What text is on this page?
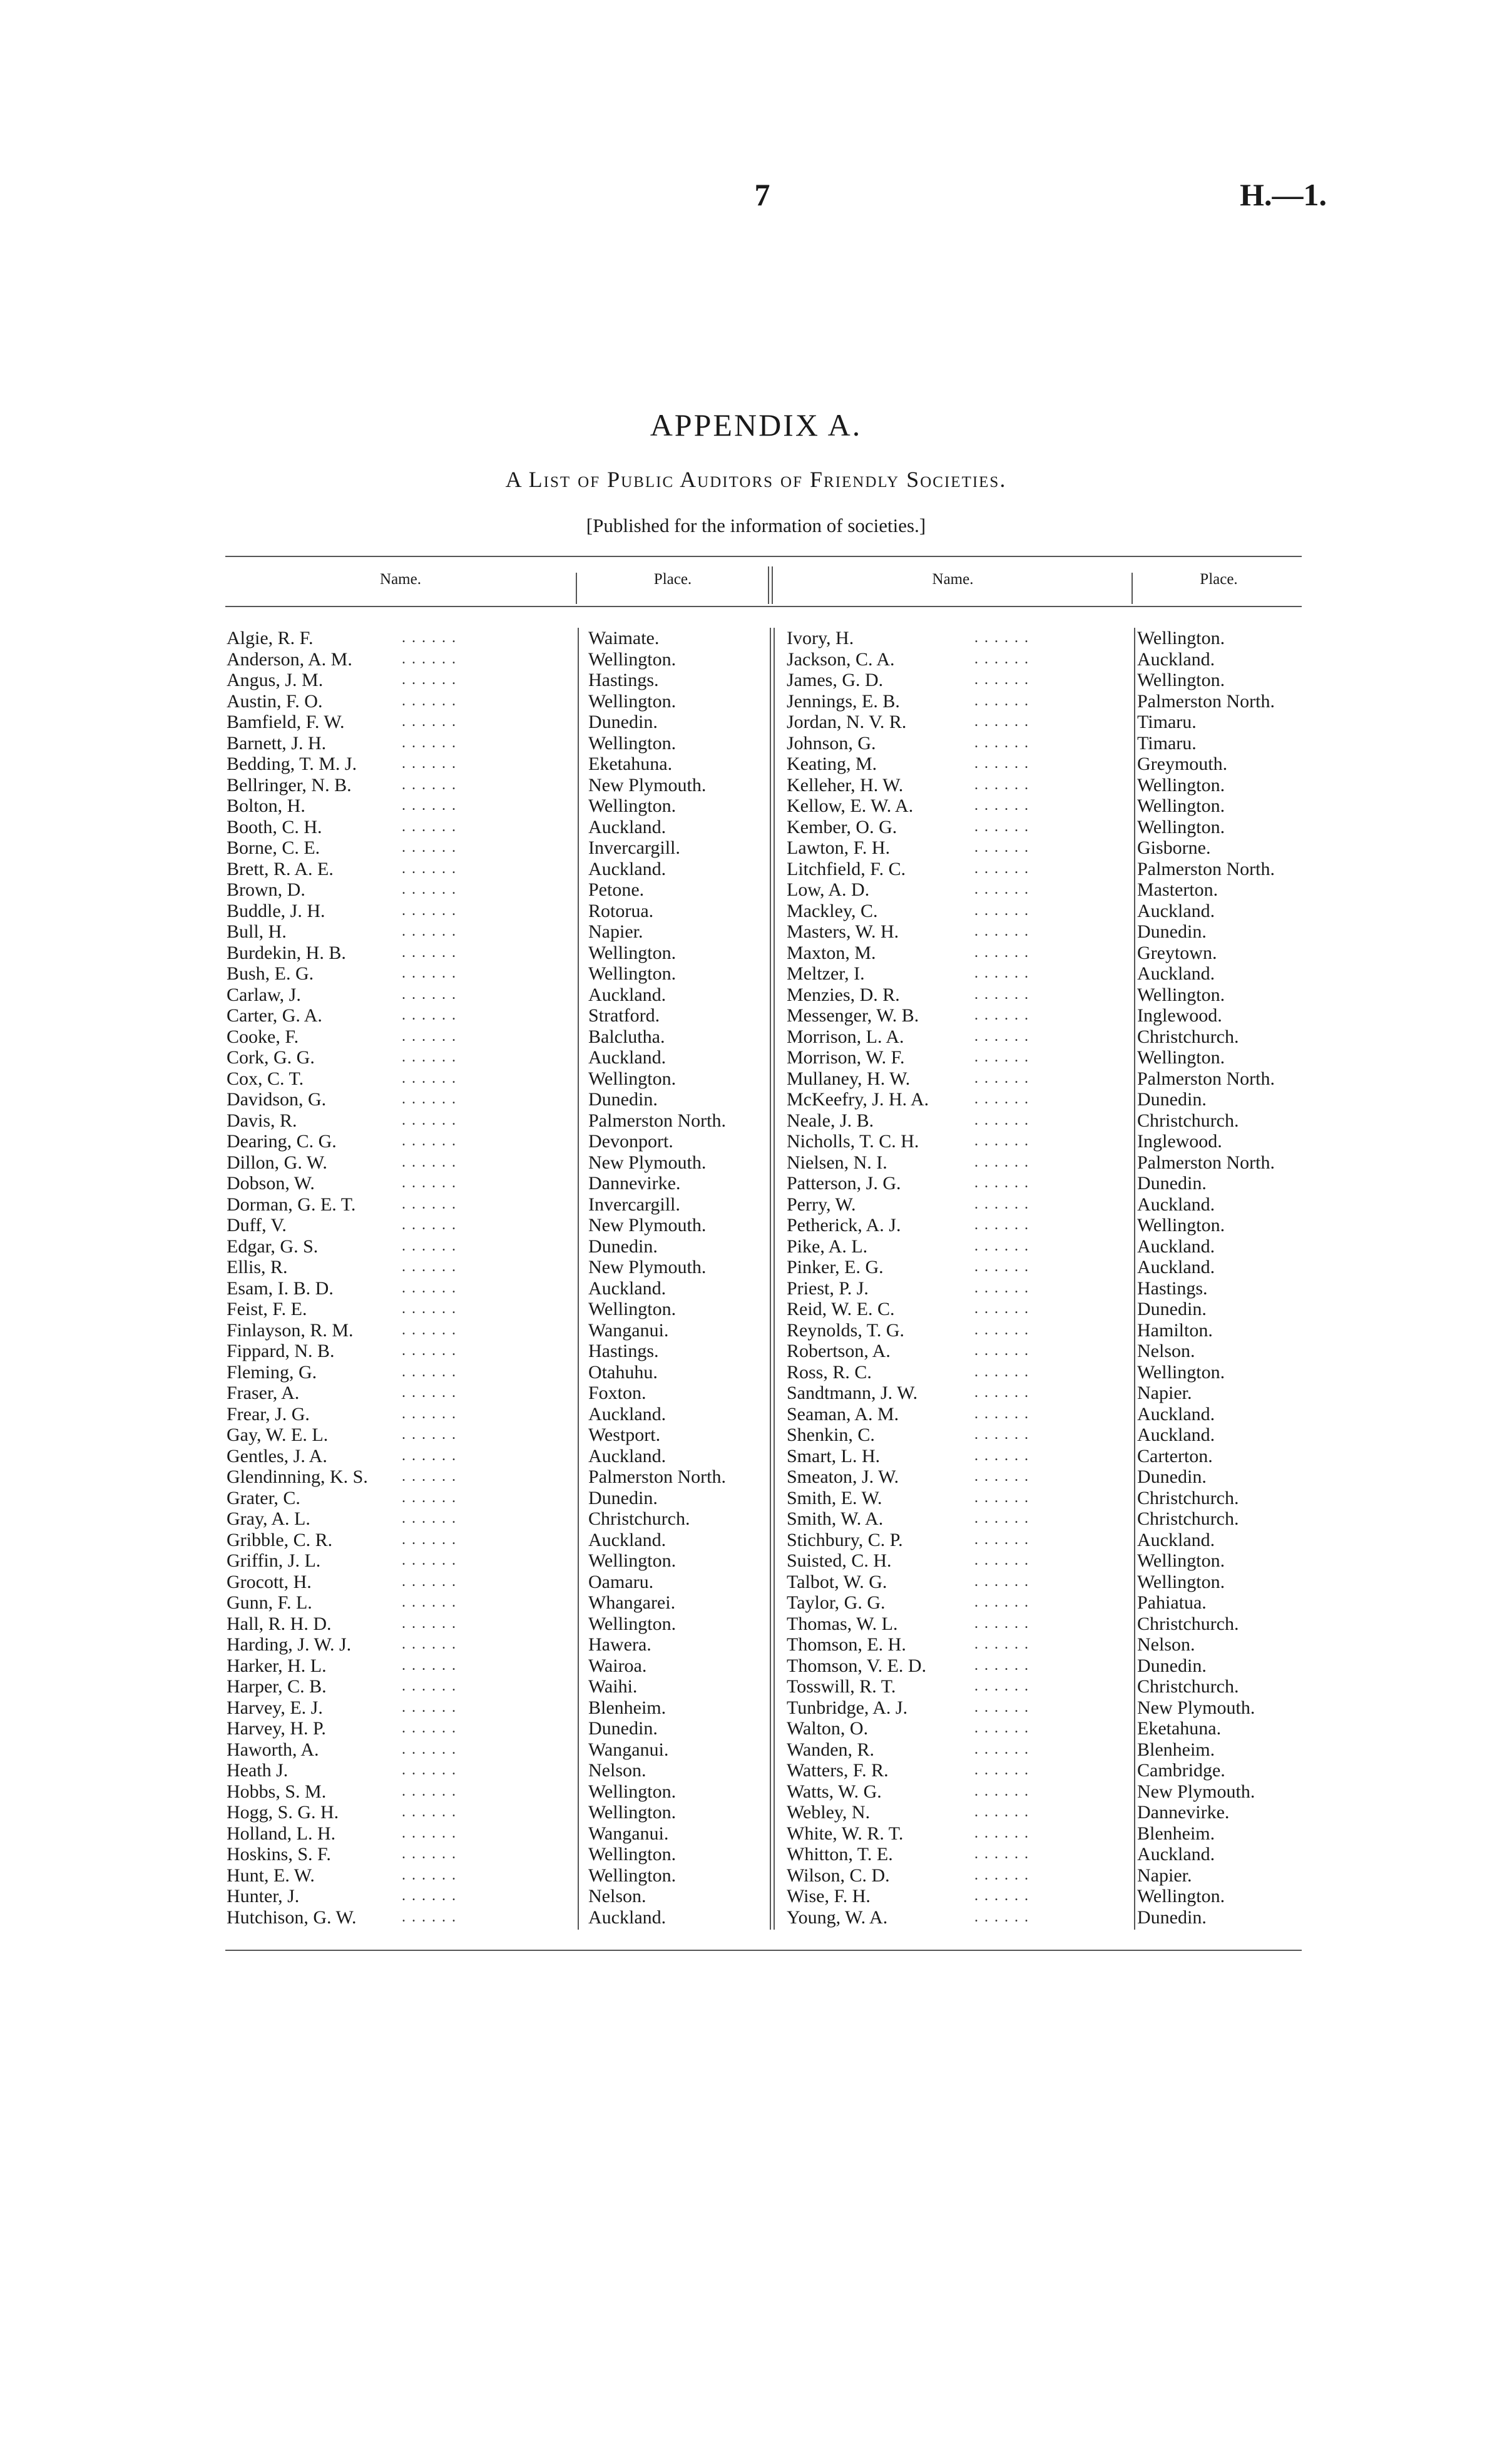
7	H.—1.
APPENDIX A.
A List of Public Auditors of Friendly Societies.
[Published for the information of societies.]
Name.	Place.	Name.	Place.
Algie, R. F.	. . . . . .	Waimate.
Anderson, A. M.	. . . . . .	Wellington.
Angus, J. M.	. . . . . .	Hastings.
Austin, F. O.	. . . . . .	Wellington.
Bamfield, F. W.	. . . . . .	Dunedin.
Barnett, J. H.	. . . . . .	Wellington.
Bedding, T. M. J.	. . . . . .	Eketahuna.
Bellringer, N. B.	. . . . . .	New Plymouth.
Bolton, H.	. . . . . .	Wellington.
Booth, C. H.	. . . . . .	Auckland.
Borne, C. E.	. . . . . .	Invercargill.
Brett, R. A. E.	. . . . . .	Auckland.
Brown, D.	. . . . . .	Petone.
Buddle, J. H.	. . . . . .	Rotorua.
Bull, H.	. . . . . .	Napier.
Burdekin, H. B.	. . . . . .	Wellington.
Bush, E. G.	. . . . . .	Wellington.
Carlaw, J.	. . . . . .	Auckland.
Carter, G. A.	. . . . . .	Stratford.
Cooke, F.	. . . . . .	Balclutha.
Cork, G. G.	. . . . . .	Auckland.
Cox, C. T.	. . . . . .	Wellington.
Davidson, G.	. . . . . .	Dunedin.
Davis, R.	. . . . . .	Palmerston North.
Dearing, C. G.	. . . . . .	Devonport.
Dillon, G. W.	. . . . . .	New Plymouth.
Dobson, W.	. . . . . .	Dannevirke.
Dorman, G. E. T.	. . . . . .	Invercargill.
Duff, V.	. . . . . .	New Plymouth.
Edgar, G. S.	. . . . . .	Dunedin.
Ellis, R.	. . . . . .	New Plymouth.
Esam, I. B. D.	. . . . . .	Auckland.
Feist, F. E.	. . . . . .	Wellington.
Finlayson, R. M.	. . . . . .	Wanganui.
Fippard, N. B.	. . . . . .	Hastings.
Fleming, G.	. . . . . .	Otahuhu.
Fraser, A.	. . . . . .	Foxton.
Frear, J. G.	. . . . . .	Auckland.
Gay, W. E. L.	. . . . . .	Westport.
Gentles, J. A.	. . . . . .	Auckland.
Glendinning, K. S. . . . . . .	Palmerston North.
Grater, C.	. . . . . .	Dunedin.
Gray, A. L.	. . . . . .	Christchurch.
Gribble, C. R.	. . . . . .	Auckland.
Griffin, J. L.	. . . . . .	Wellington.
Grocott, H.	. . . . . .	Oamaru.
Gunn, F. L.	. . . . . .	Whangarei.
Hall, R. H. D.	. . . . . .	Wellington.
Harding, J. W. J.	. . . . . .	Hawera.
Harker, H. L.	. . . . . .	Wairoa.
Harper, C. B.	. . . . . .	Waihi.
Harvey, E. J.	. . . . . .	Blenheim.
Harvey, H. P.	. . . . . .	Dunedin.
Haworth, A.	. . . . . .	Wanganui.
Heath J.	. . . . . .	Nelson.
Hobbs, S. M.	. . . . . .	Wellington.
Hogg, S. G. H.	. . . . . .	Wellington.
Holland, L. H.	. . . . . .	Wanganui.
Hoskins, S. F.	. . . . . .	Wellington.
Hunt, E. W.	. . . . . .	Wellington.
Hunter, J.	. . . . . .	Nelson.
Hutchison, G. W.	. . . . . .	Auckland.
Ivory, H.	. . . . . .	Wellington.
Jackson, C. A.	. . . . . .	Auckland.
James, G. D.	. . . . . .	Wellington.
Jennings, E. B.	. . . . . .	Palmerston North.
Jordan, N. V. R.	. . . . . .	Timaru.
Johnson, G.	. . . . . .	Timaru.
Keating, M.	. . . . . .	Greymouth.
Kelleher, H. W.	. . . . . .	Wellington.
Kellow, E. W. A.	. . . . . .	Wellington.
Kember, O. G.	. . . . . .	Wellington.
Lawton, F. H.	. . . . . .	Gisborne.
Litchfield, F. C.	. . . . . .	Palmerston North.
Low, A. D.	. . . . . .	Masterton.
Mackley, C.	. . . . . .	Auckland.
Masters, W. H.	. . . . . .	Dunedin.
Maxton, M.	. . . . . .	Greytown.
Meltzer, I.	. . . . . .	Auckland.
Menzies, D. R.	. . . . . .	Wellington.
Messenger, W. B.	. . . . . .	Inglewood.
Morrison, L. A.	. . . . . .	Christchurch.
Morrison, W. F.	. . . . . .	Wellington.
Mullaney, H. W.	. . . . . .	Palmerston North.
McKeefry, J. H. A.	. . . . . .	Dunedin.
Neale, J. B.	. . . . . .	Christchurch.
Nicholls, T. C. H.	. . . . . .	Inglewood.
Nielsen, N. I.	. . . . . .	Palmerston North.
Patterson, J. G.	. . . . . .	Dunedin.
Perry, W.	. . . . . .	Auckland.
Petherick, A. J.	. . . . . .	Wellington.
Pike, A. L.	. . . . . .	Auckland.
Pinker, E. G.	. . . . . .	Auckland.
Priest, P. J.	. . . . . .	Hastings.
Reid, W. E. C.	. . . . . .	Dunedin.
Reynolds, T. G.	. . . . . .	Hamilton.
Robertson, A.	. . . . . .	Nelson.
Ross, R. C.	. . . . . .	Wellington.
Sandtmann, J. W.	. . . . . .	Napier.
Seaman, A. M.	. . . . . .	Auckland.
Shenkin, C.	. . . . . .	Auckland.
Smart, L. H.	. . . . . .	Carterton.
Smeaton, J. W.	. . . . . .	Dunedin.
Smith, E. W.	. . . . . .	Christchurch.
Smith, W. A.	. . . . . .	Christchurch.
Stichbury, C. P.	. . . . . .	Auckland.
Suisted, C. H.	. . . . . .	Wellington.
Talbot, W. G.	. . . . . .	Wellington.
Taylor, G. G.	. . . . . .	Pahiatua.
Thomas, W. L.	. . . . . .	Christchurch.
Thomson, E. H.	. . . . . .	Nelson.
Thomson, V. E. D.	. . . . . .	Dunedin.
Tosswill, R. T.	. . . . . .	Christchurch.
Tunbridge, A. J.	. . . . . .	New Plymouth.
Walton, O.	. . . . . .	Eketahuna.
Wanden, R.	. . . . . .	Blenheim.
Watters, F. R.	. . . . . .	Cambridge.
Watts, W. G.	. . . . . .	New Plymouth.
Webley, N.	. . . . . .	Dannevirke.
White, W. R. T.	. . . . . .	Blenheim.
Whitton, T. E.	. . . . . .	Auckland.
Wilson, C. D.	. . . . . .	Napier.
Wise, F. H.	. . . . . .	Wellington.
Young, W. A.	. . . . . .	Dunedin.
